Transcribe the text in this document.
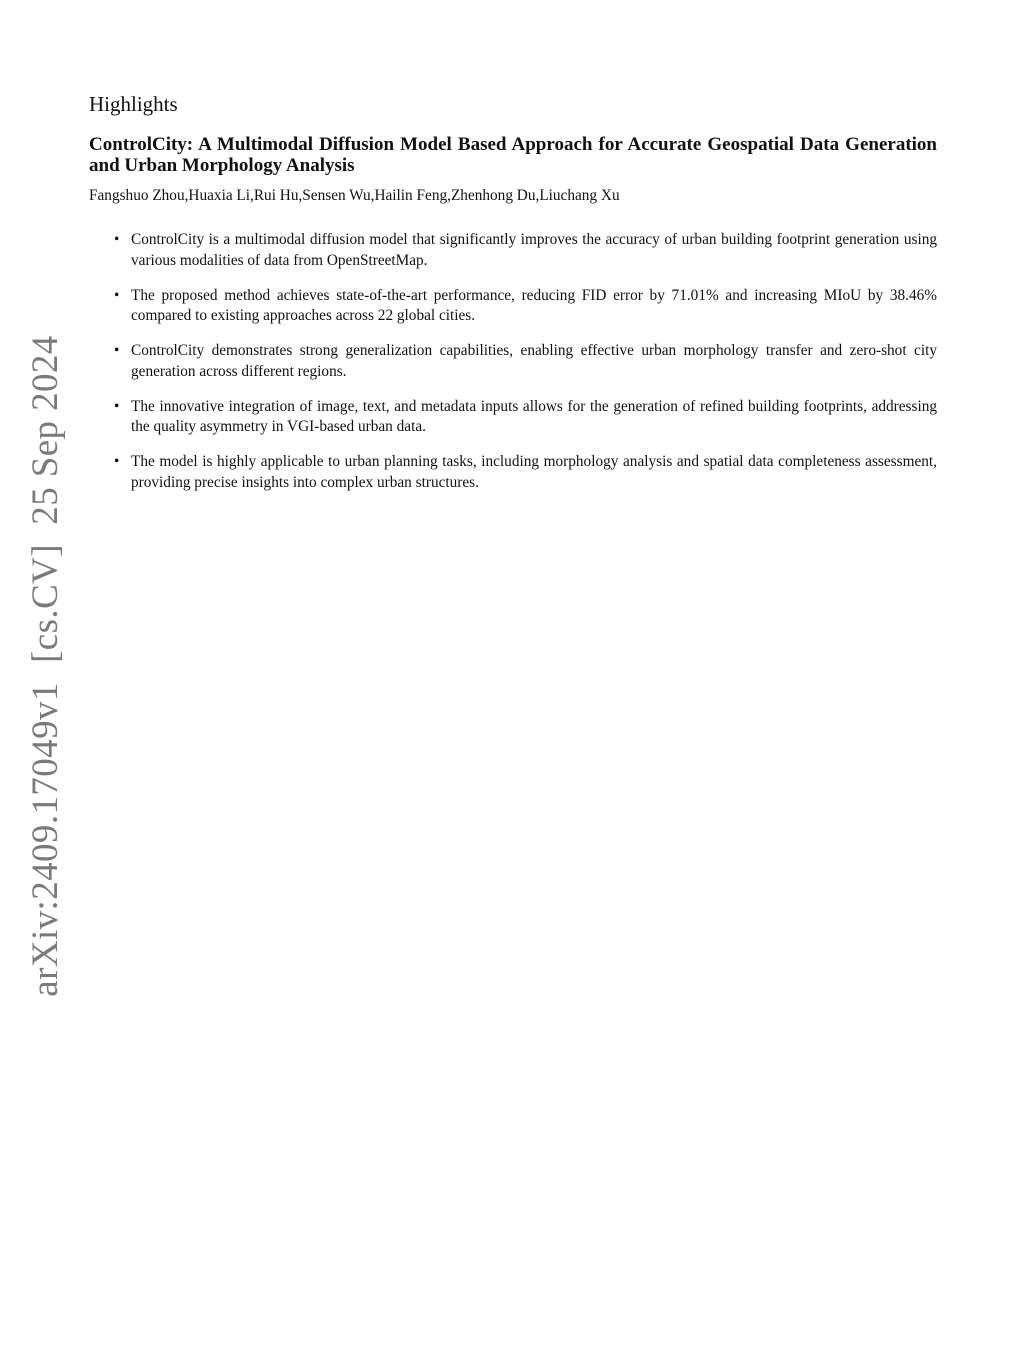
arXiv:2409.17049v1  [cs.CV]  25 Sep 2024
Highlights
ControlCity: A Multimodal Diffusion Model Based Approach for Accurate Geospatial Data Generation and Urban Morphology Analysis

Fangshuo Zhou,Huaxia Li,Rui Hu,Sensen Wu,Hailin Feng,Zhenhong Du,Liuchang Xu

• ControlCity is a multimodal diffusion model that significantly improves the accuracy of urban building footprint generation using various modalities of data from OpenStreetMap.
• The proposed method achieves state-of-the-art performance, reducing FID error by 71.01% and increasing MIoU by 38.46% compared to existing approaches across 22 global cities.
• ControlCity demonstrates strong generalization capabilities, enabling effective urban morphology transfer and zero-shot city generation across different regions.
• The innovative integration of image, text, and metadata inputs allows for the generation of refined building footprints, addressing the quality asymmetry in VGI-based urban data.
• The model is highly applicable to urban planning tasks, including morphology analysis and spatial data completeness assessment, providing precise insights into complex urban structures.
